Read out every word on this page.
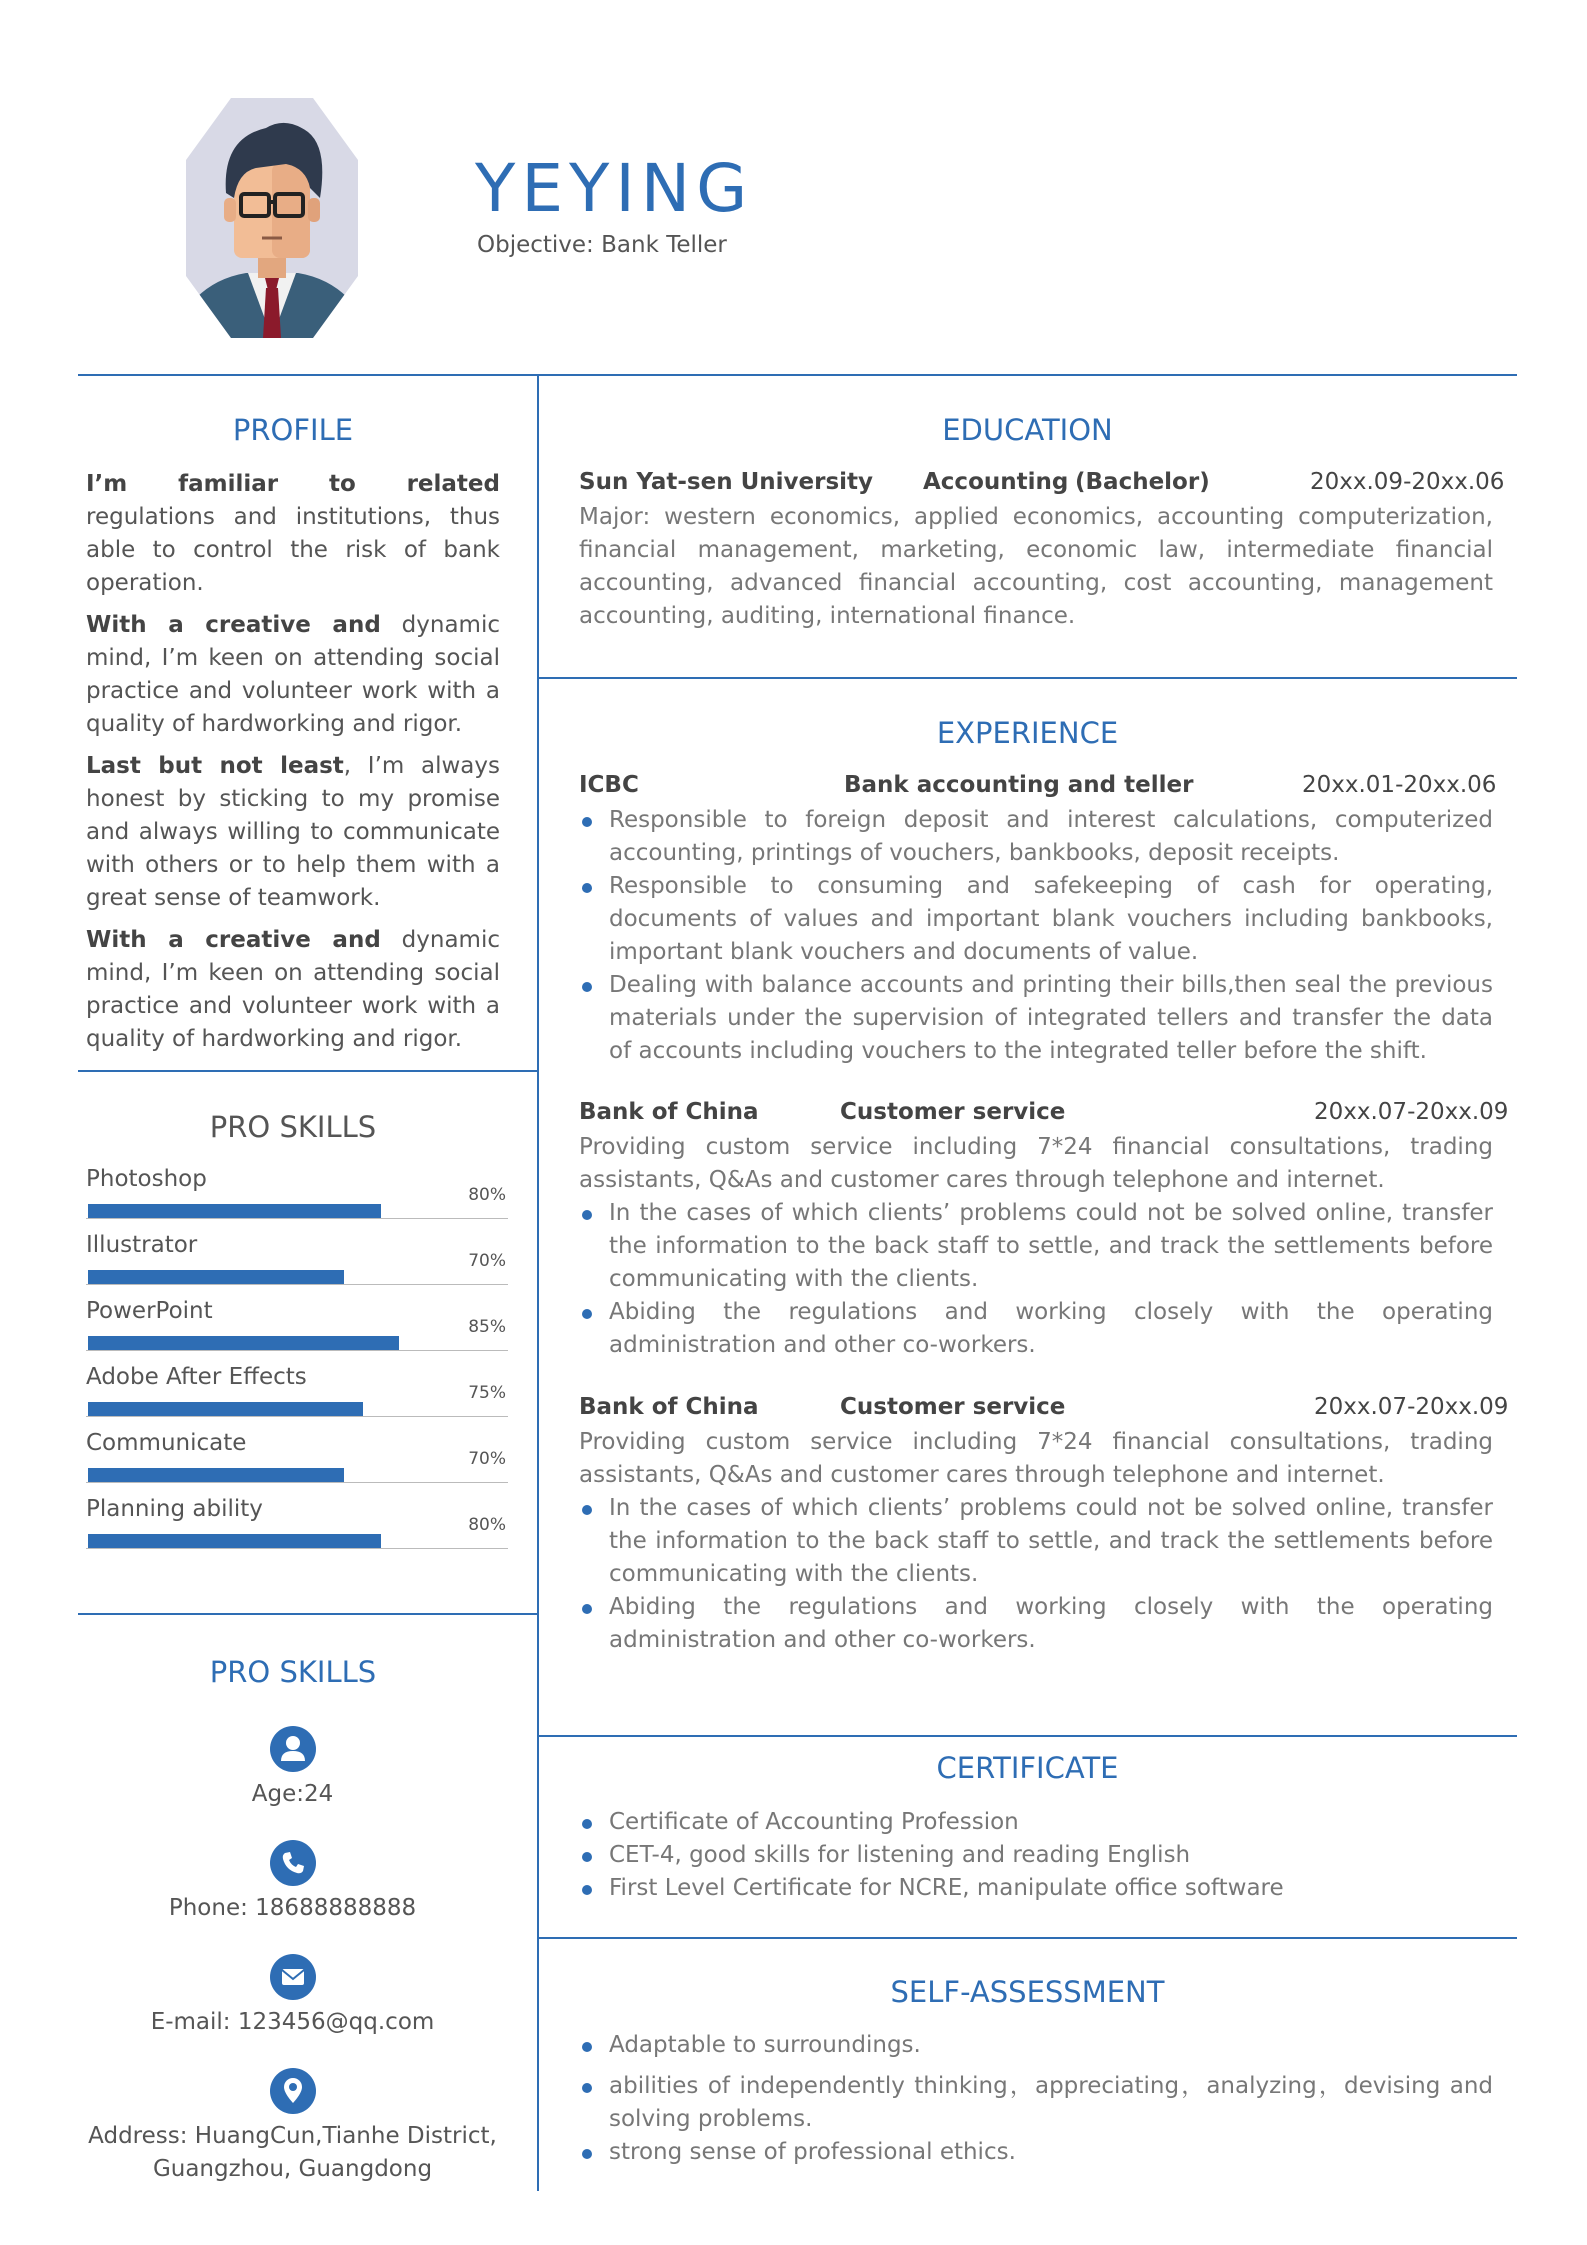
YEYING
Objective: Bank Teller
PROFILE

I’m familiar to related regulations and institutions, thus able to control the risk of bank operation.

With a creative and dynamic mind, I’m keen on attending social practice and volunteer work with a quality of hardworking and rigor.

Last but not least, I’m always honest by sticking to my promise and always willing to communicate with others or to help them with a great sense of teamwork.

With a creative and dynamic mind, I’m keen on attending social practice and volunteer work with a quality of hardworking and rigor.

PRO SKILLS
Photoshop
80%
Illustrator
70%
PowerPoint
85%
Adobe After Effects
75%
Communicate
70%
Planning ability
80%
PRO SKILLS
Age:24
Phone: 18688888888
E-mail: 123456@qq.com
Address: HuangCun,Tianhe District,
Guangzhou, Guangdong
EDUCATION
Sun Yat-sen University Accounting (Bachelor)	20xx.09-20xx.06
Major: western economics, applied economics, accounting computerization, financial management, marketing, economic law, intermediate financial accounting, advanced financial accounting, cost accounting, management accounting, auditing, international finance.
EXPERIENCE
ICBC	Bank accounting and teller	20xx.01-20xx.06
Responsible to foreign deposit and interest calculations, computerized accounting, printings of vouchers, bankbooks, deposit receipts.
Responsible to consuming and safekeeping of cash for operating, documents of values and important blank vouchers including bankbooks, important blank vouchers and documents of value.
Dealing with balance accounts and printing their bills,then seal the previous materials under the supervision of integrated tellers and transfer the data of accounts including vouchers to the integrated teller before the shift.
Bank of China	Customer service	20xx.07-20xx.09
Providing custom service including 7*24 financial consultations, trading assistants, Q&As and customer cares through telephone and internet.
In the cases of which clients’ problems could not be solved online, transfer the information to the back staff to settle, and track the settlements before communicating with the clients.
Abiding the regulations and working closely with the operating administration and other co-workers.
Bank of China	Customer service	20xx.07-20xx.09
Providing custom service including 7*24 financial consultations, trading assistants, Q&As and customer cares through telephone and internet.
In the cases of which clients’ problems could not be solved online, transfer the information to the back staff to settle, and track the settlements before communicating with the clients.
Abiding the regulations and working closely with the operating administration and other co-workers.
CERTIFICATE
Certificate of Accounting Profession
CET-4, good skills for listening and reading English
First Level Certificate for NCRE, manipulate office software
SELF-ASSESSMENT
Adaptable to surroundings.
abilities of independently thinking，appreciating，analyzing，devising and solving problems.
strong sense of professional ethics.
